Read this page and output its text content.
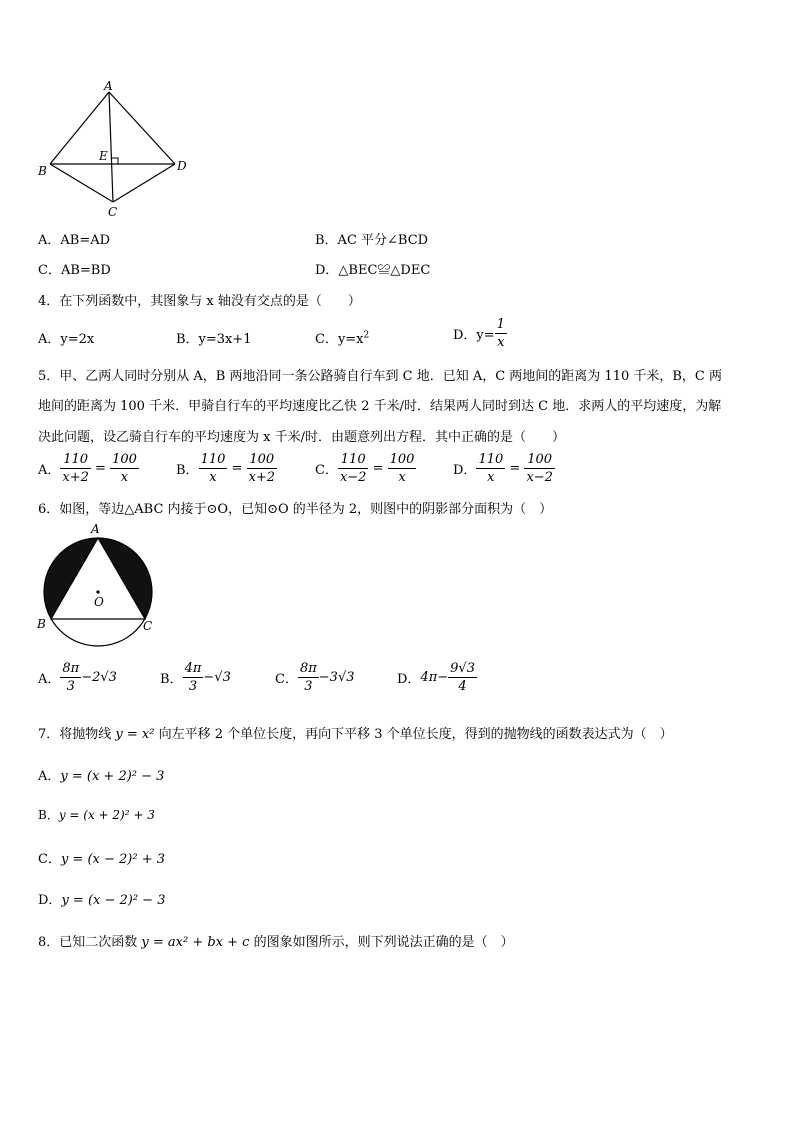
A
B
C
D
E
A．AB=AD	B．AC 平分∠BCD
C．AB=BD	D．△BEC≌△DEC
4．在下列函数中，其图象与 x 轴没有交点的是（　　）
A．y=2x	B．y=3x+1	C．$y=x^2$	D．$y= \frac{1}{x}$
5．甲、乙两人同时分别从 A，B 两地沿同一条公路骑自行车到 C 地．已知 A，C 两地间的距离为 110 千米，B，C 两
地间的距离为 100 千米．甲骑自行车的平均速度比乙快 2 千米/时．结果两人同时到达 C 地．求两人的平均速度，为解
决此问题，设乙骑自行车的平均速度为 x 千米/时．由题意列出方程．其中正确的是（　　）
A． $\frac{110}{x+2} = \frac{100}{x}$	B． $\frac{110}{x} = \frac{100}{x+2}$	C． $\frac{110}{x-2} = \frac{100}{x}$	D． $\frac{110}{x} = \frac{100}{x-2}$
6．如图，等边△ABC 内接于⊙O，已知⊙O 的半径为 2，则图中的阴影部分面积为（　）
A
B	C
O
A． $\frac{8\pi}{3} -2√3$	B． $\frac{4\pi}{3} -√3$	C． $\frac{8\pi}{3} -3√3$	D．$4\pi- \frac{9√3}{4}$
7．将抛物线 y = x² 向左平移 2 个单位长度，再向下平移 3 个单位长度，得到的抛物线的函数表达式为（　）
A．y = (x + 2)² − 3
B．y = (x + 2)² + 3
C．y = (x − 2)² + 3
D．y = (x − 2)² − 3
8．已知二次函数 y = ax² + bx + c 的图象如图所示，则下列说法正确的是（　）
